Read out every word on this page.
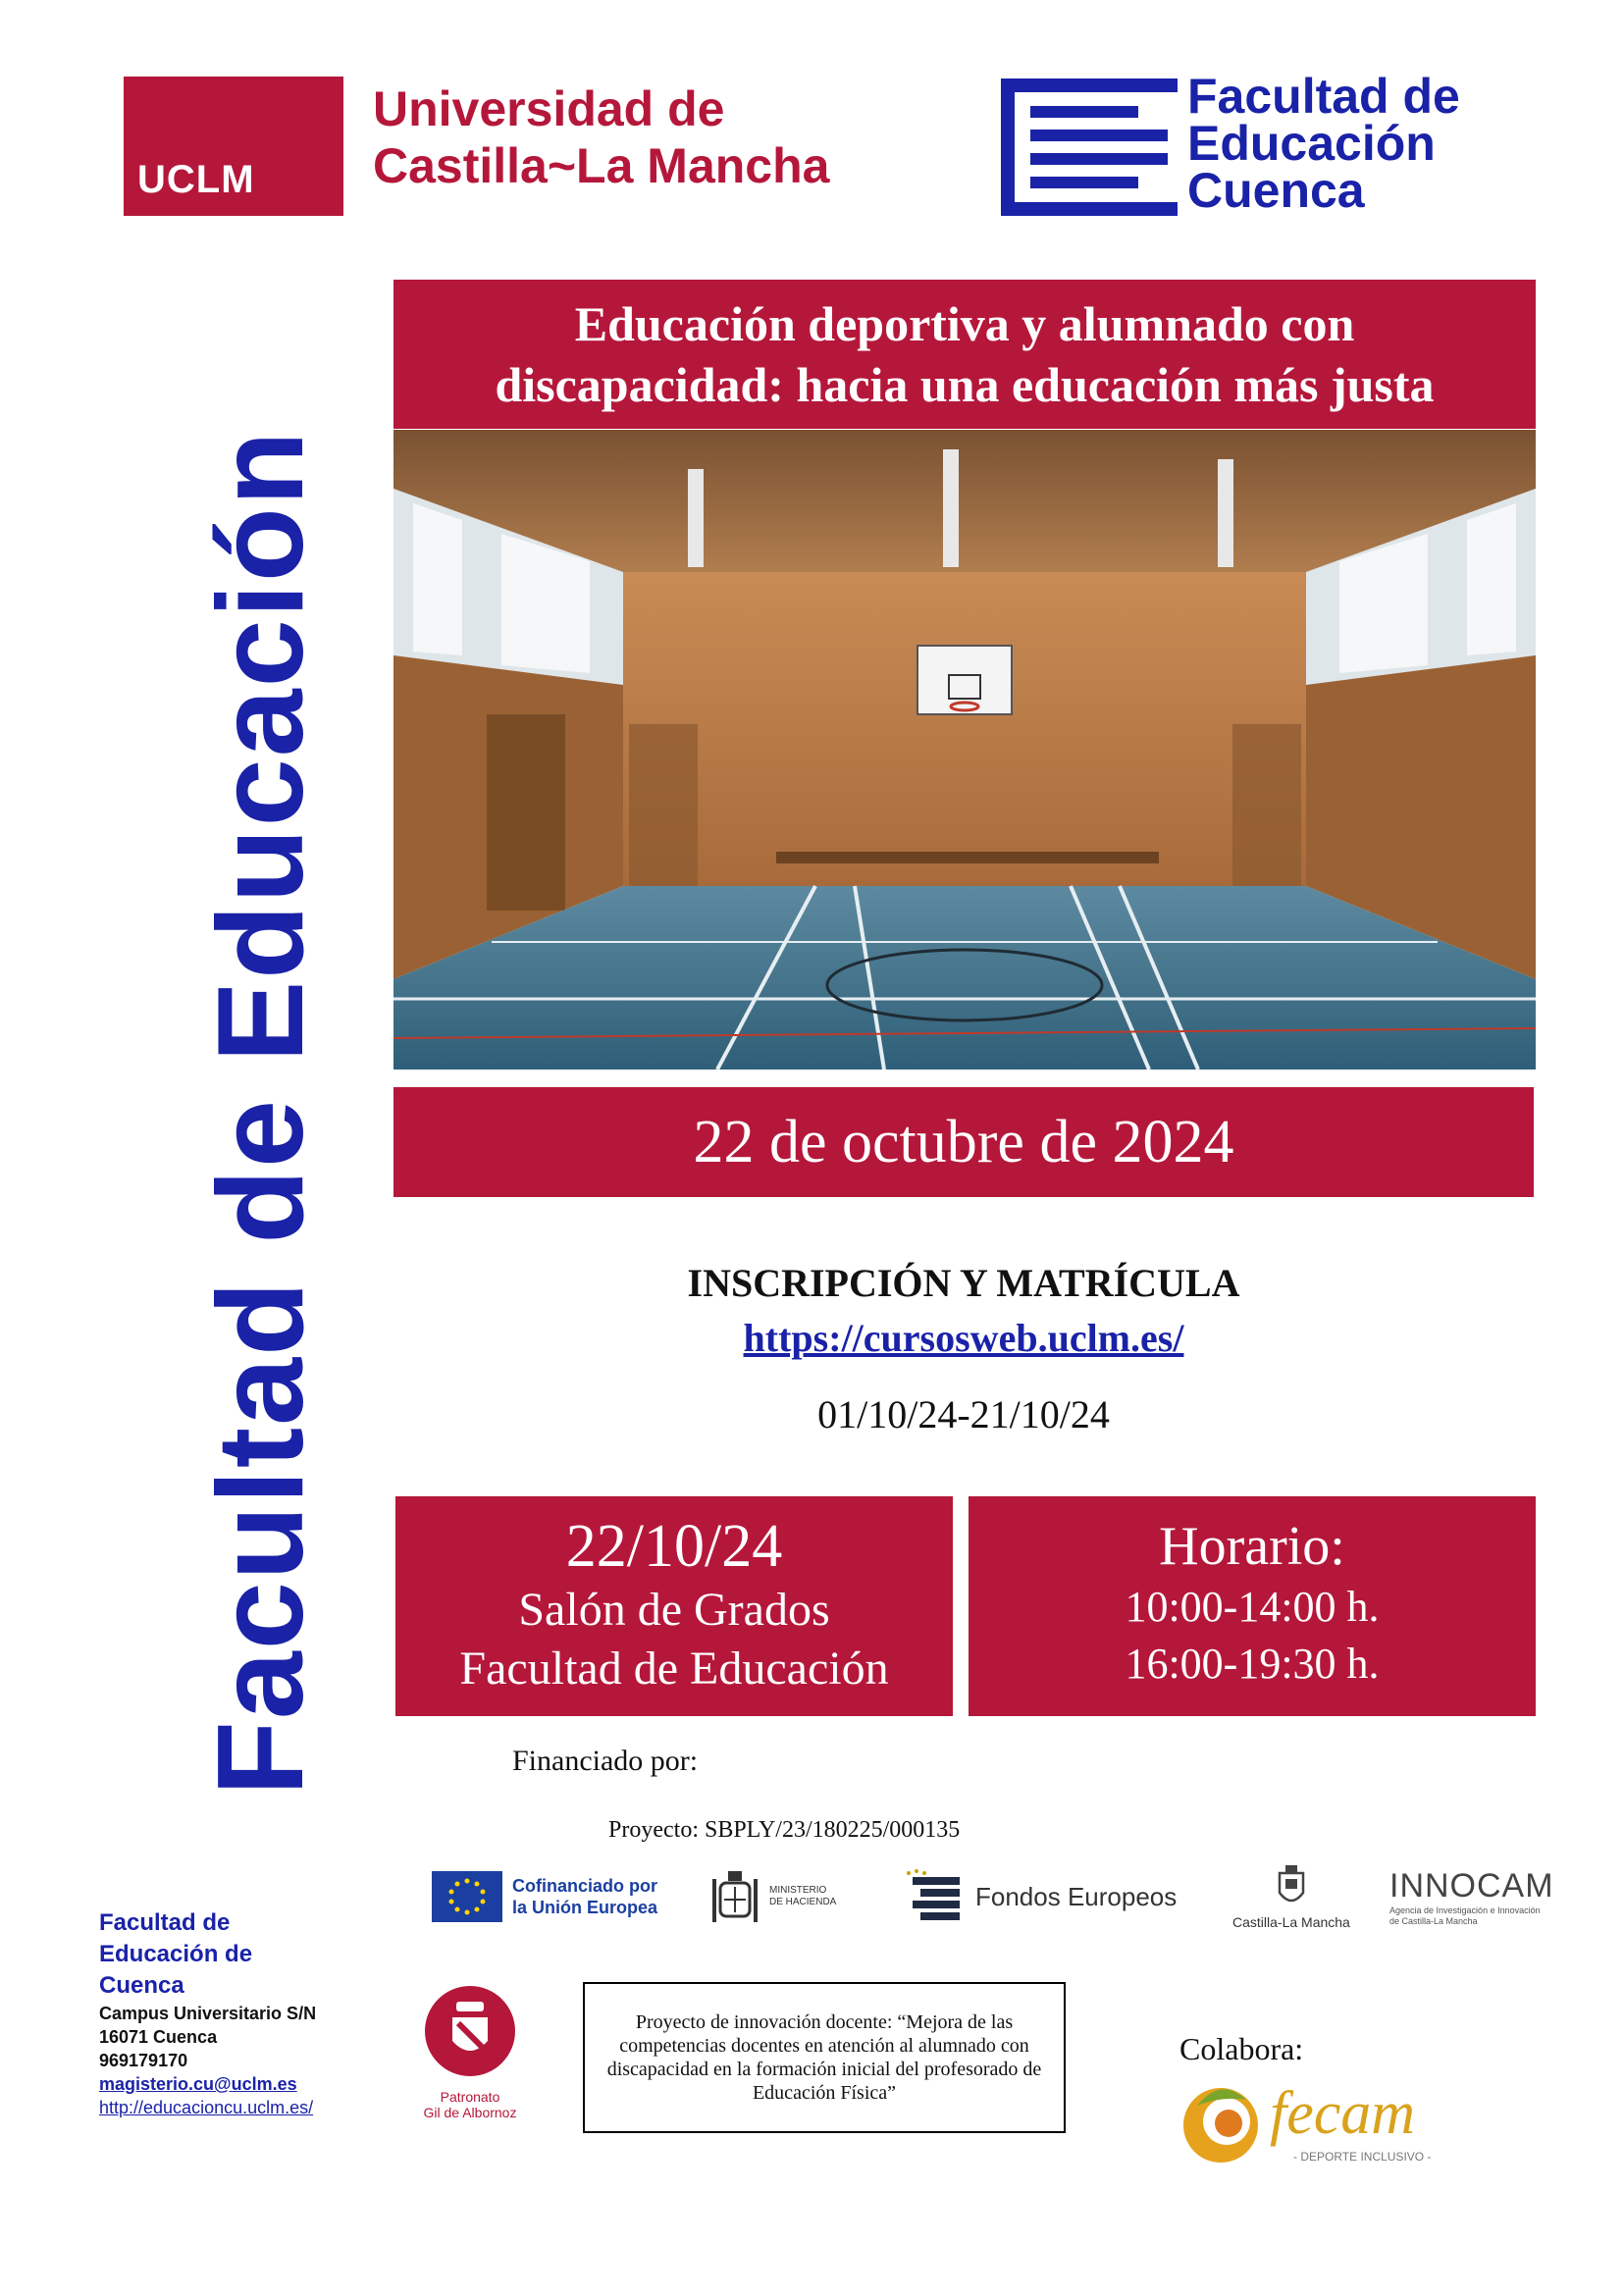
UCLM
Universidad de
Castilla~La Mancha
Facultad de
Educación
Cuenca
Facultad de Educación
Educación deportiva y alumnado con
discapacidad: hacia una educación más justa
22 de octubre de 2024
INSCRIPCIÓN Y MATRÍCULA
https://cursosweb.uclm.es/
01/10/24-21/10/24
22/10/24
Salón de Grados
Facultad de Educación
Horario:
10:00-14:00 h.
16:00-19:30 h.
Financiado por:
Proyecto: SBPLY/23/180225/000135
Cofinanciado por
la Unión Europea
MINISTERIO
DE HACIENDA	Fondos Europeos
Castilla-La Mancha
INNOCAM
Agencia de Investigación e Innovación
de Castilla-La Mancha
Facultad de
Educación de
Cuenca
Campus Universitario S/N
16071 Cuenca
969179170
magisterio.cu@uclm.es
http://educacioncu.uclm.es/
Patronato
Gil de Albornoz
Proyecto de innovación docente: “Mejora de las competencias docentes en atención al alumnado con discapacidad en la formación inicial del profesorado de Educación Física”
Colabora:
fecam
- DEPORTE INCLUSIVO -
